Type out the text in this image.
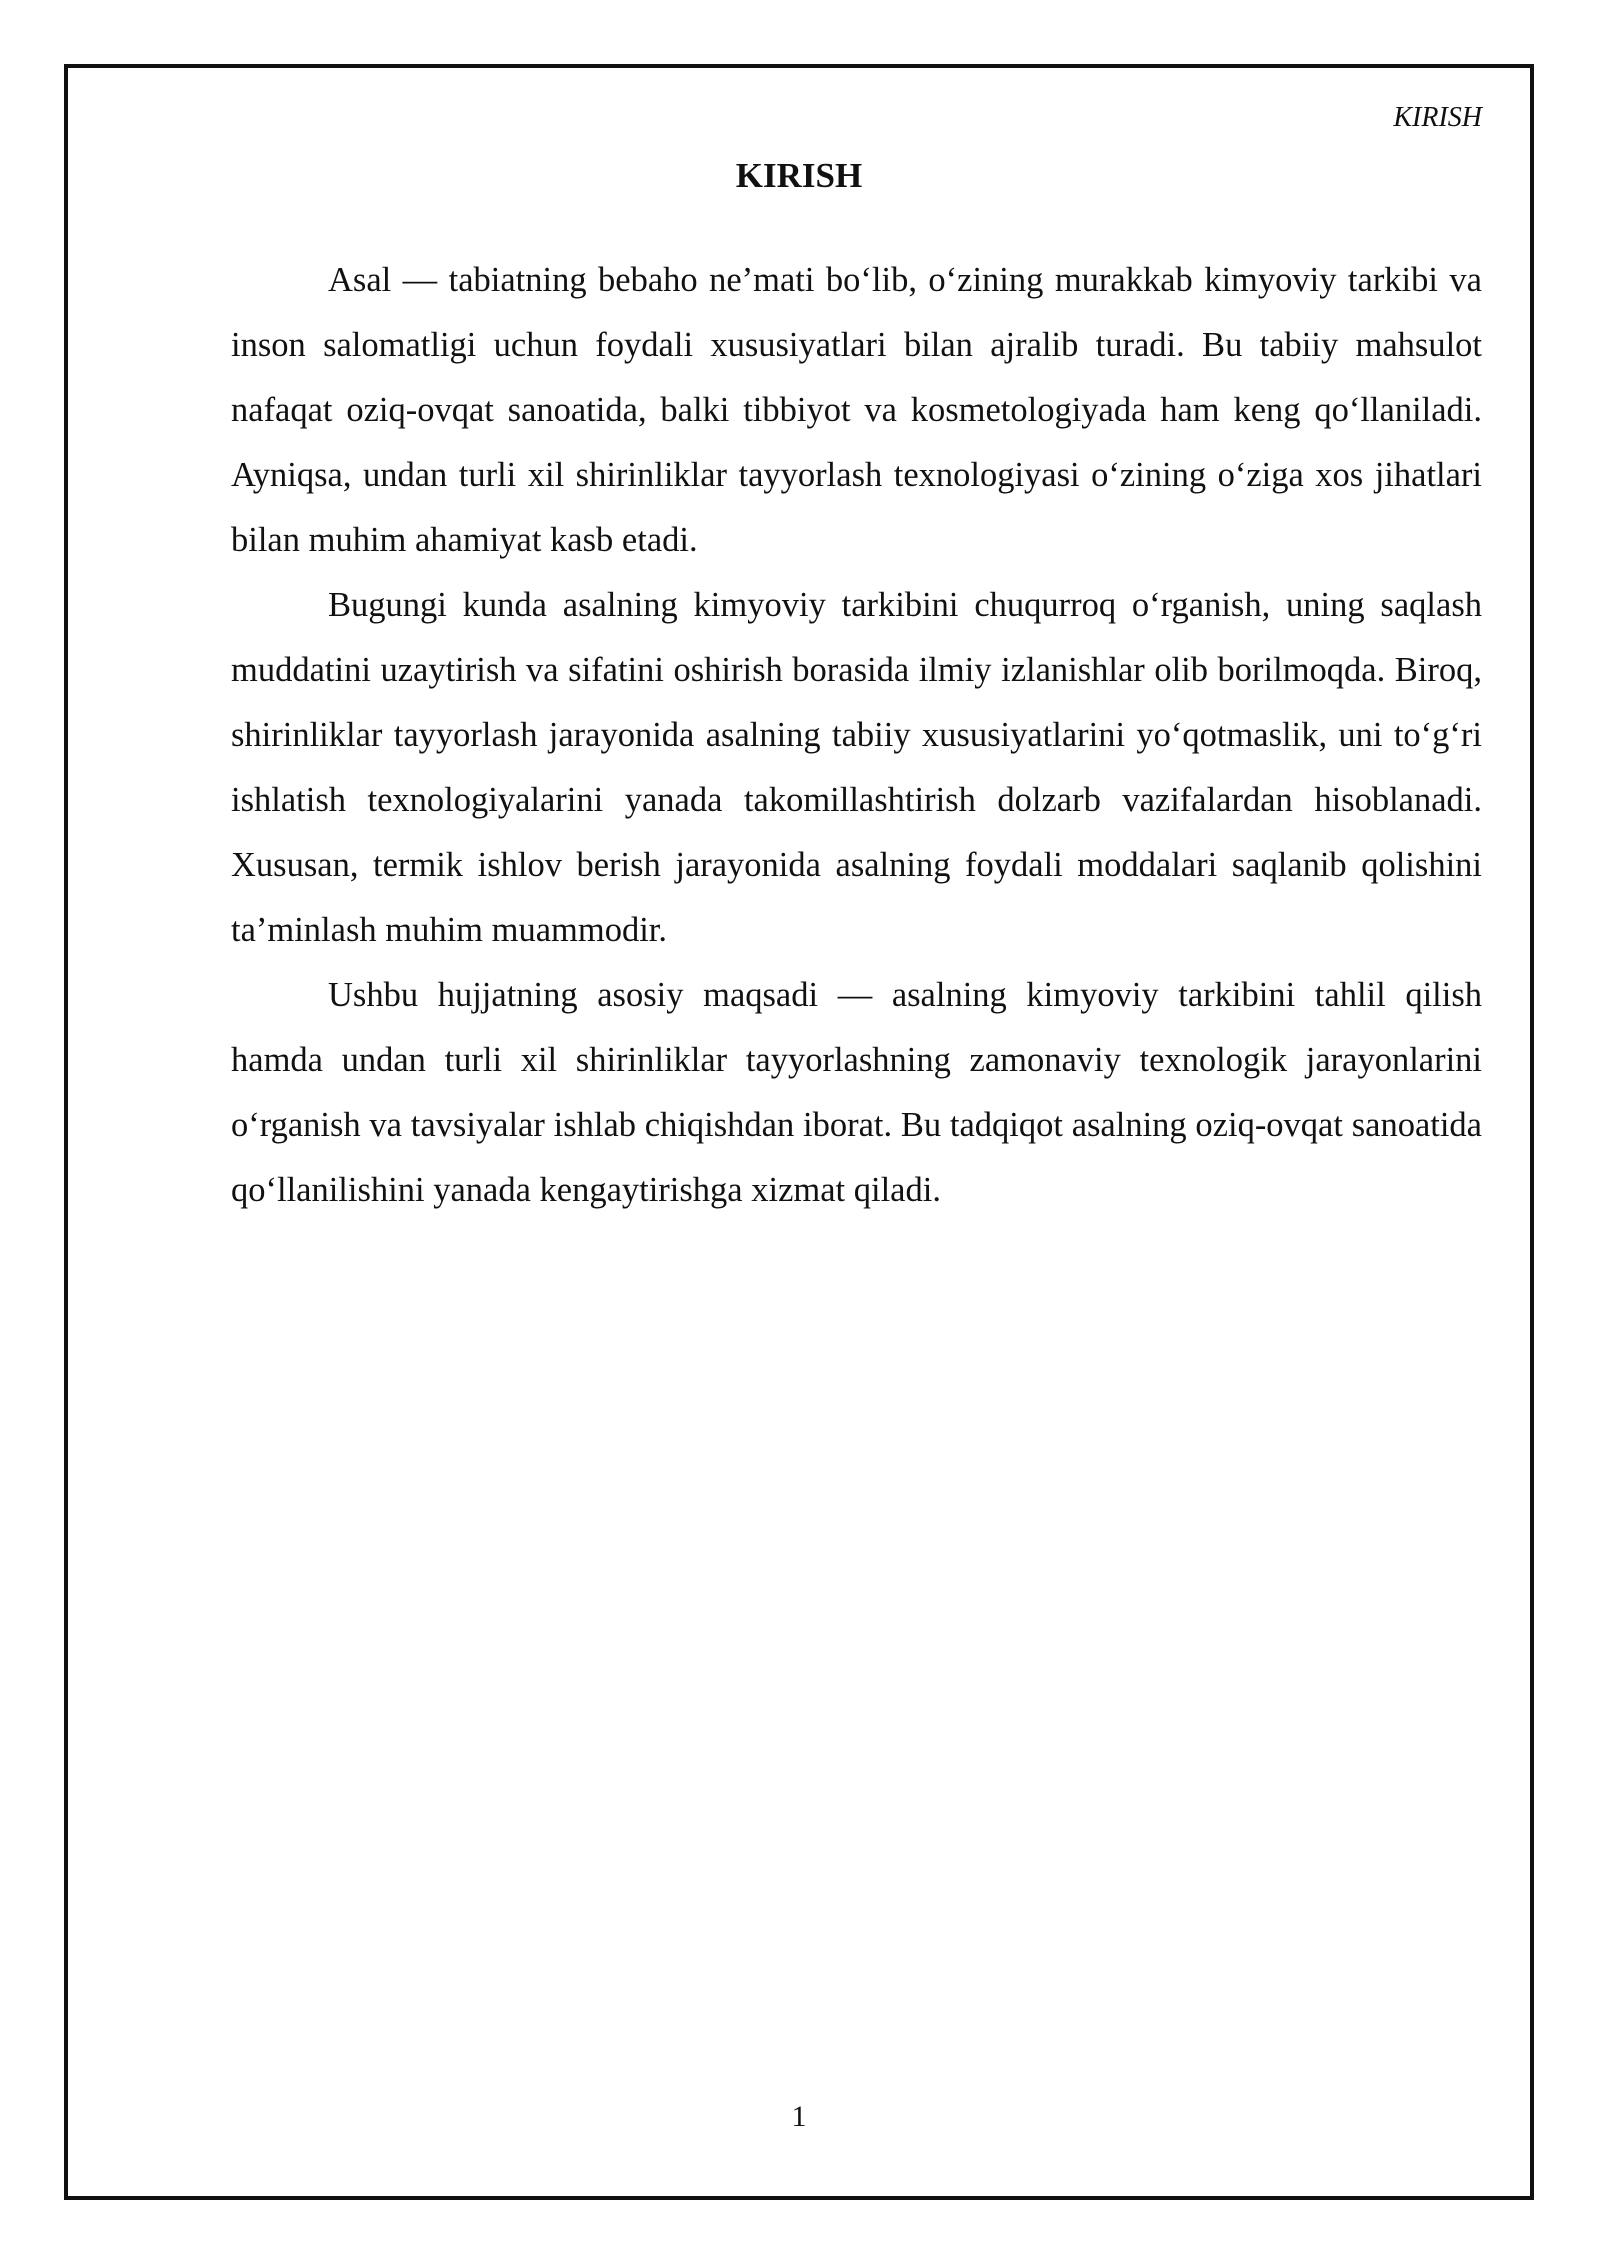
KIRISH
KIRISH

Asal — tabiatning bebaho ne’mati bo‘lib, o‘zining murakkab kimyoviy tarkibi va inson salomatligi uchun foydali xususiyatlari bilan ajralib turadi. Bu tabiiy mahsulot nafaqat oziq-ovqat sanoatida, balki tibbiyot va kosmetologiyada ham keng qo‘llaniladi. Ayniqsa, undan turli xil shirinliklar tayyorlash texnologiyasi o‘zining o‘ziga xos jihatlari bilan muhim ahamiyat kasb etadi.

Bugungi kunda asalning kimyoviy tarkibini chuqurroq o‘rganish, uning saqlash muddatini uzaytirish va sifatini oshirish borasida ilmiy izlanishlar olib borilmoqda. Biroq, shirinliklar tayyorlash jarayonida asalning tabiiy xususiyatlarini yo‘qotmaslik, uni to‘g‘ri ishlatish texnologiyalarini yanada takomillashtirish dolzarb vazifalardan hisoblanadi. Xususan, termik ishlov berish jarayonida asalning foydali moddalari saqlanib qolishini ta’minlash muhim muammodir.

Ushbu hujjatning asosiy maqsadi — asalning kimyoviy tarkibini tahlil qilish hamda undan turli xil shirinliklar tayyorlashning zamonaviy texnologik jarayonlarini o‘rganish va tavsiyalar ishlab chiqishdan iborat. Bu tadqiqot asalning oziq-ovqat sanoatida qo‘llanilishini yanada kengaytirishga xizmat qiladi.

1
